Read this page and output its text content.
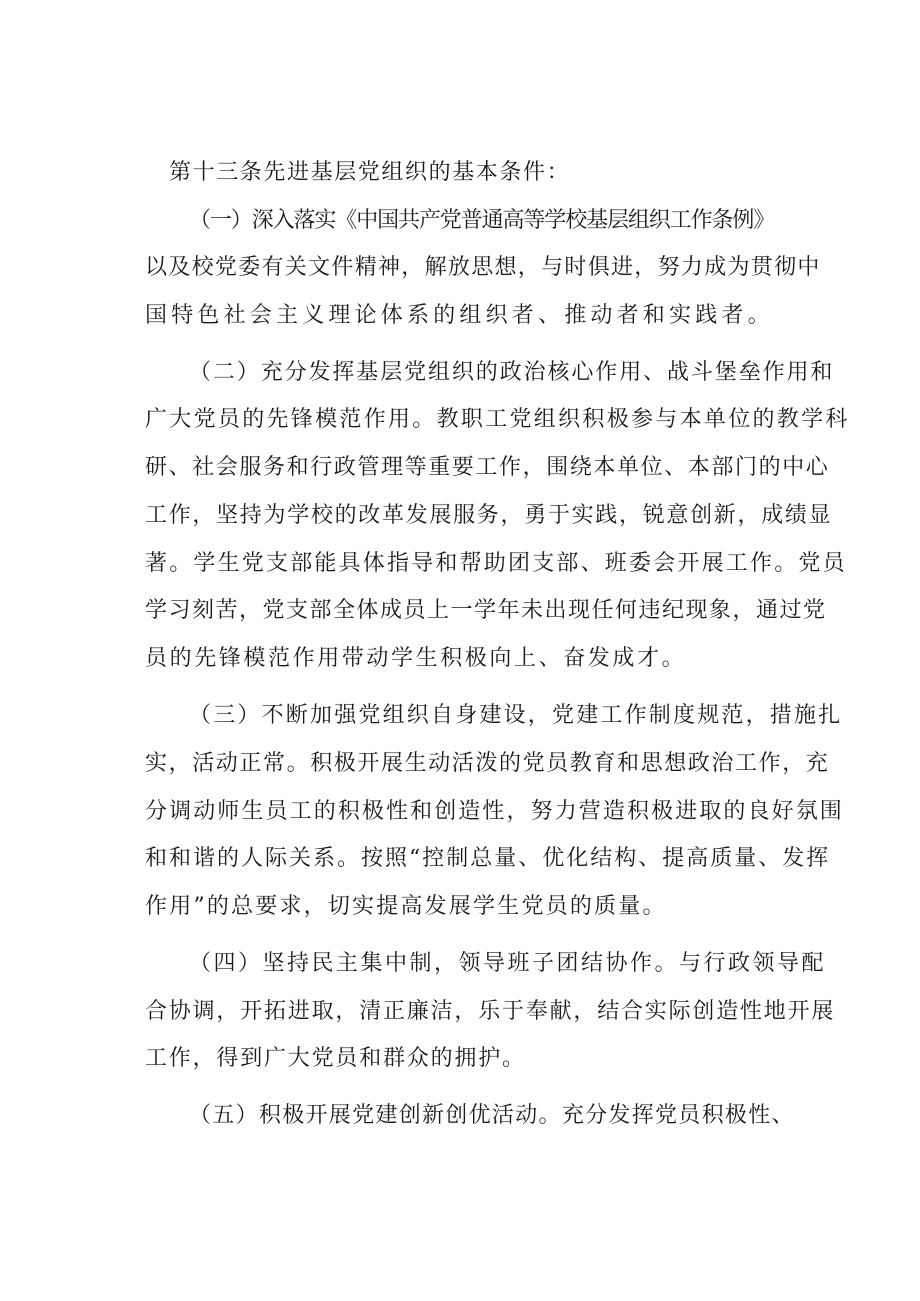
第十三条先进基层党组织的基本条件：
（一）深入落实《中国共产党普通高等学校基层组织工作条例》
以及校党委有关文件精神，解放思想，与时俱进，努力成为贯彻中
国特色社会主义理论体系的组织者、推动者和实践者。
（二）充分发挥基层党组织的政治核心作用、战斗堡垒作用和
广大党员的先锋模范作用。教职工党组织积极参与本单位的教学科
研、社会服务和行政管理等重要工作，围绕本单位、本部门的中心
工作，坚持为学校的改革发展服务，勇于实践，锐意创新，成绩显
著。学生党支部能具体指导和帮助团支部、班委会开展工作。党员
学习刻苦，党支部全体成员上一学年未出现任何违纪现象，通过党
员的先锋模范作用带动学生积极向上、奋发成才。
（三）不断加强党组织自身建设，党建工作制度规范，措施扎
实，活动正常。积极开展生动活泼的党员教育和思想政治工作，充
分调动师生员工的积极性和创造性，努力营造积极进取的良好氛围
和和谐的人际关系。按照“控制总量、优化结构、提高质量、发挥
作用”的总要求，切实提高发展学生党员的质量。
（四）坚持民主集中制，领导班子团结协作。与行政领导配
合协调，开拓进取，清正廉洁，乐于奉献，结合实际创造性地开展
工作，得到广大党员和群众的拥护。
（五）积极开展党建创新创优活动。充分发挥党员积极性、
